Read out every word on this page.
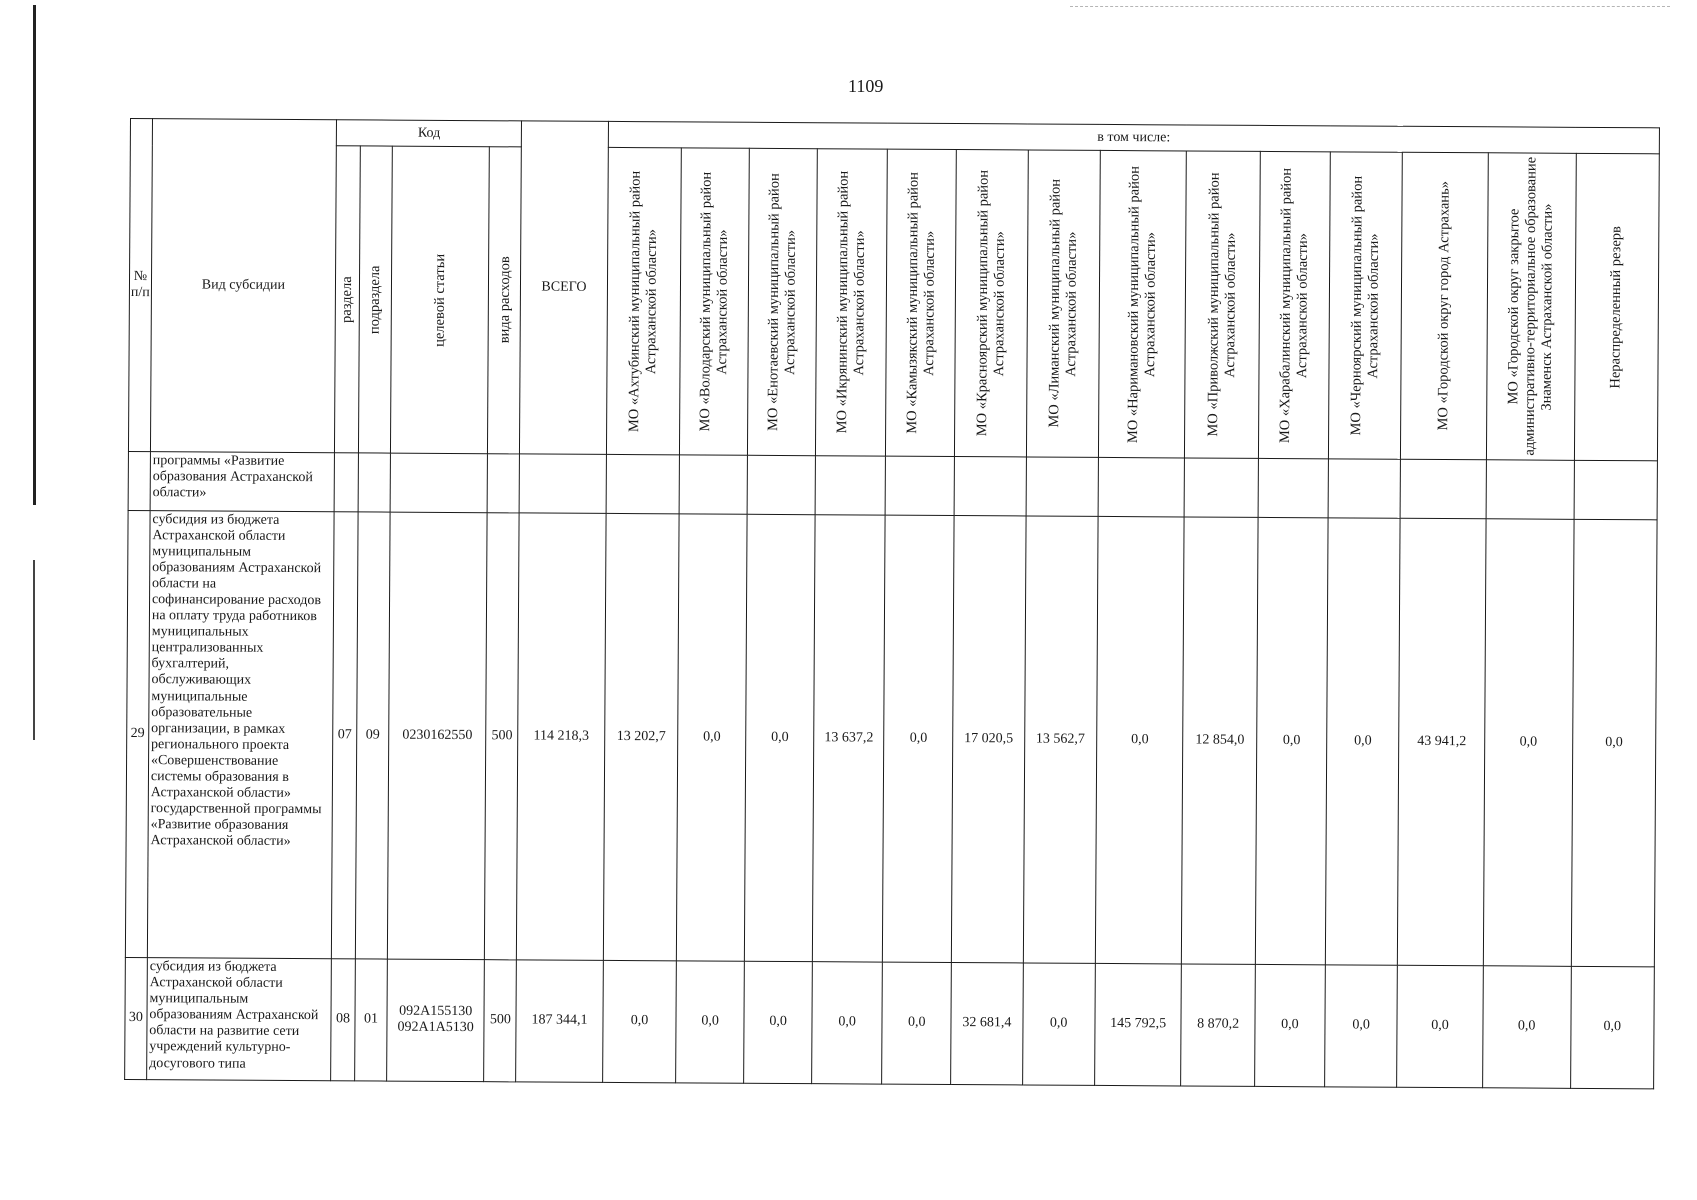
1109
№ п/п	Вид субсидии	Код				ВСЕГО	в том числе:													

		раздела	подраздела	целевой статьи	вида расходов		МО «Ахтубинский муниципальный район Астраханской области»	МО «Володарский муниципальный район Астраханской области»	МО «Енотаевский муниципальный район Астраханской области»	МО «Икрянинский муниципальный район Астраханской области»	МО «Камызякский муниципальный район Астраханской области»	МО «Красноярский муниципальный район Астраханской области»	МО «Лиманский муниципальный район Астраханской области»	МО «Наримановский муниципальный район Астраханской области»	МО «Приволжский муниципальный район Астраханской области»	МО «Харабалинский муниципальный район Астраханской области»	МО «Черноярский муниципальный район Астраханской области»	МО «Городской округ город Астрахань»	МО «Городской округ закрытое административно-территориальное образование Знаменск Астраханской области»	Нераспределенный резерв

	программы «Развитие образования Астраханской области»																			
29	субсидия из бюджета Астраханской области муниципальным образованиям Астраханской области на софинансирование расходов на оплату труда работников муниципальных централизованных бухгалтерий, обслуживающих муниципальные образовательные организации, в рамках регионального проекта «Совершенствование системы образования в Астраханской области» государственной программы «Развитие образования Астраханской области»	07	09	0230162550	500	114 218,3	13 202,7	0,0	0,0	13 637,2	0,0	17 020,5	13 562,7	0,0	12 854,0	0,0	0,0	43 941,2	0,0	0,0
30	субсидия из бюджета Астраханской области муниципальным образованиям Астраханской области на развитие сети учреждений культурно-досугового типа	08	01	092A155130
092A1A5130	500	187 344,1	0,0	0,0	0,0	0,0	0,0	32 681,4	0,0	145 792,5	8 870,2	0,0	0,0	0,0	0,0	0,0
